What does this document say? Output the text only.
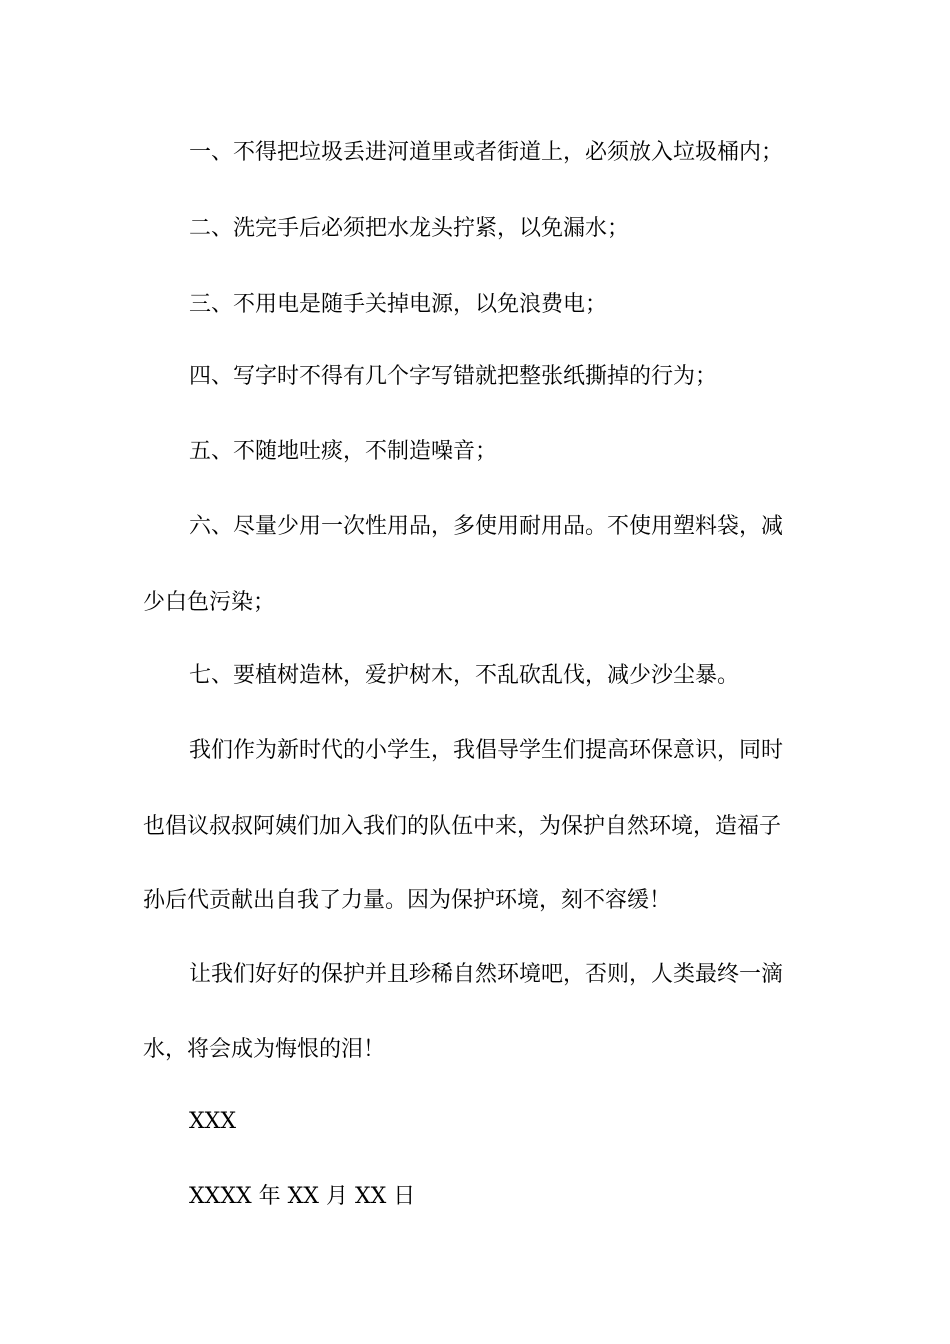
一、不得把垃圾丢进河道里或者街道上，必须放入垃圾桶内；
二、洗完手后必须把水龙头拧紧，以免漏水；
三、不用电是随手关掉电源，以免浪费电；
四、写字时不得有几个字写错就把整张纸撕掉的行为；
五、不随地吐痰，不制造噪音；
六、尽量少用一次性用品，多使用耐用品。不使用塑料袋，减
少白色污染；
七、要植树造林，爱护树木，不乱砍乱伐，减少沙尘暴。
我们作为新时代的小学生，我倡导学生们提高环保意识，同时
也倡议叔叔阿姨们加入我们的队伍中来，为保护自然环境，造福子
孙后代贡献出自我了力量。因为保护环境，刻不容缓！
让我们好好的保护并且珍稀自然环境吧，否则，人类最终一滴
水，将会成为悔恨的泪！
XXX
XXXX 年 XX 月 XX 日
